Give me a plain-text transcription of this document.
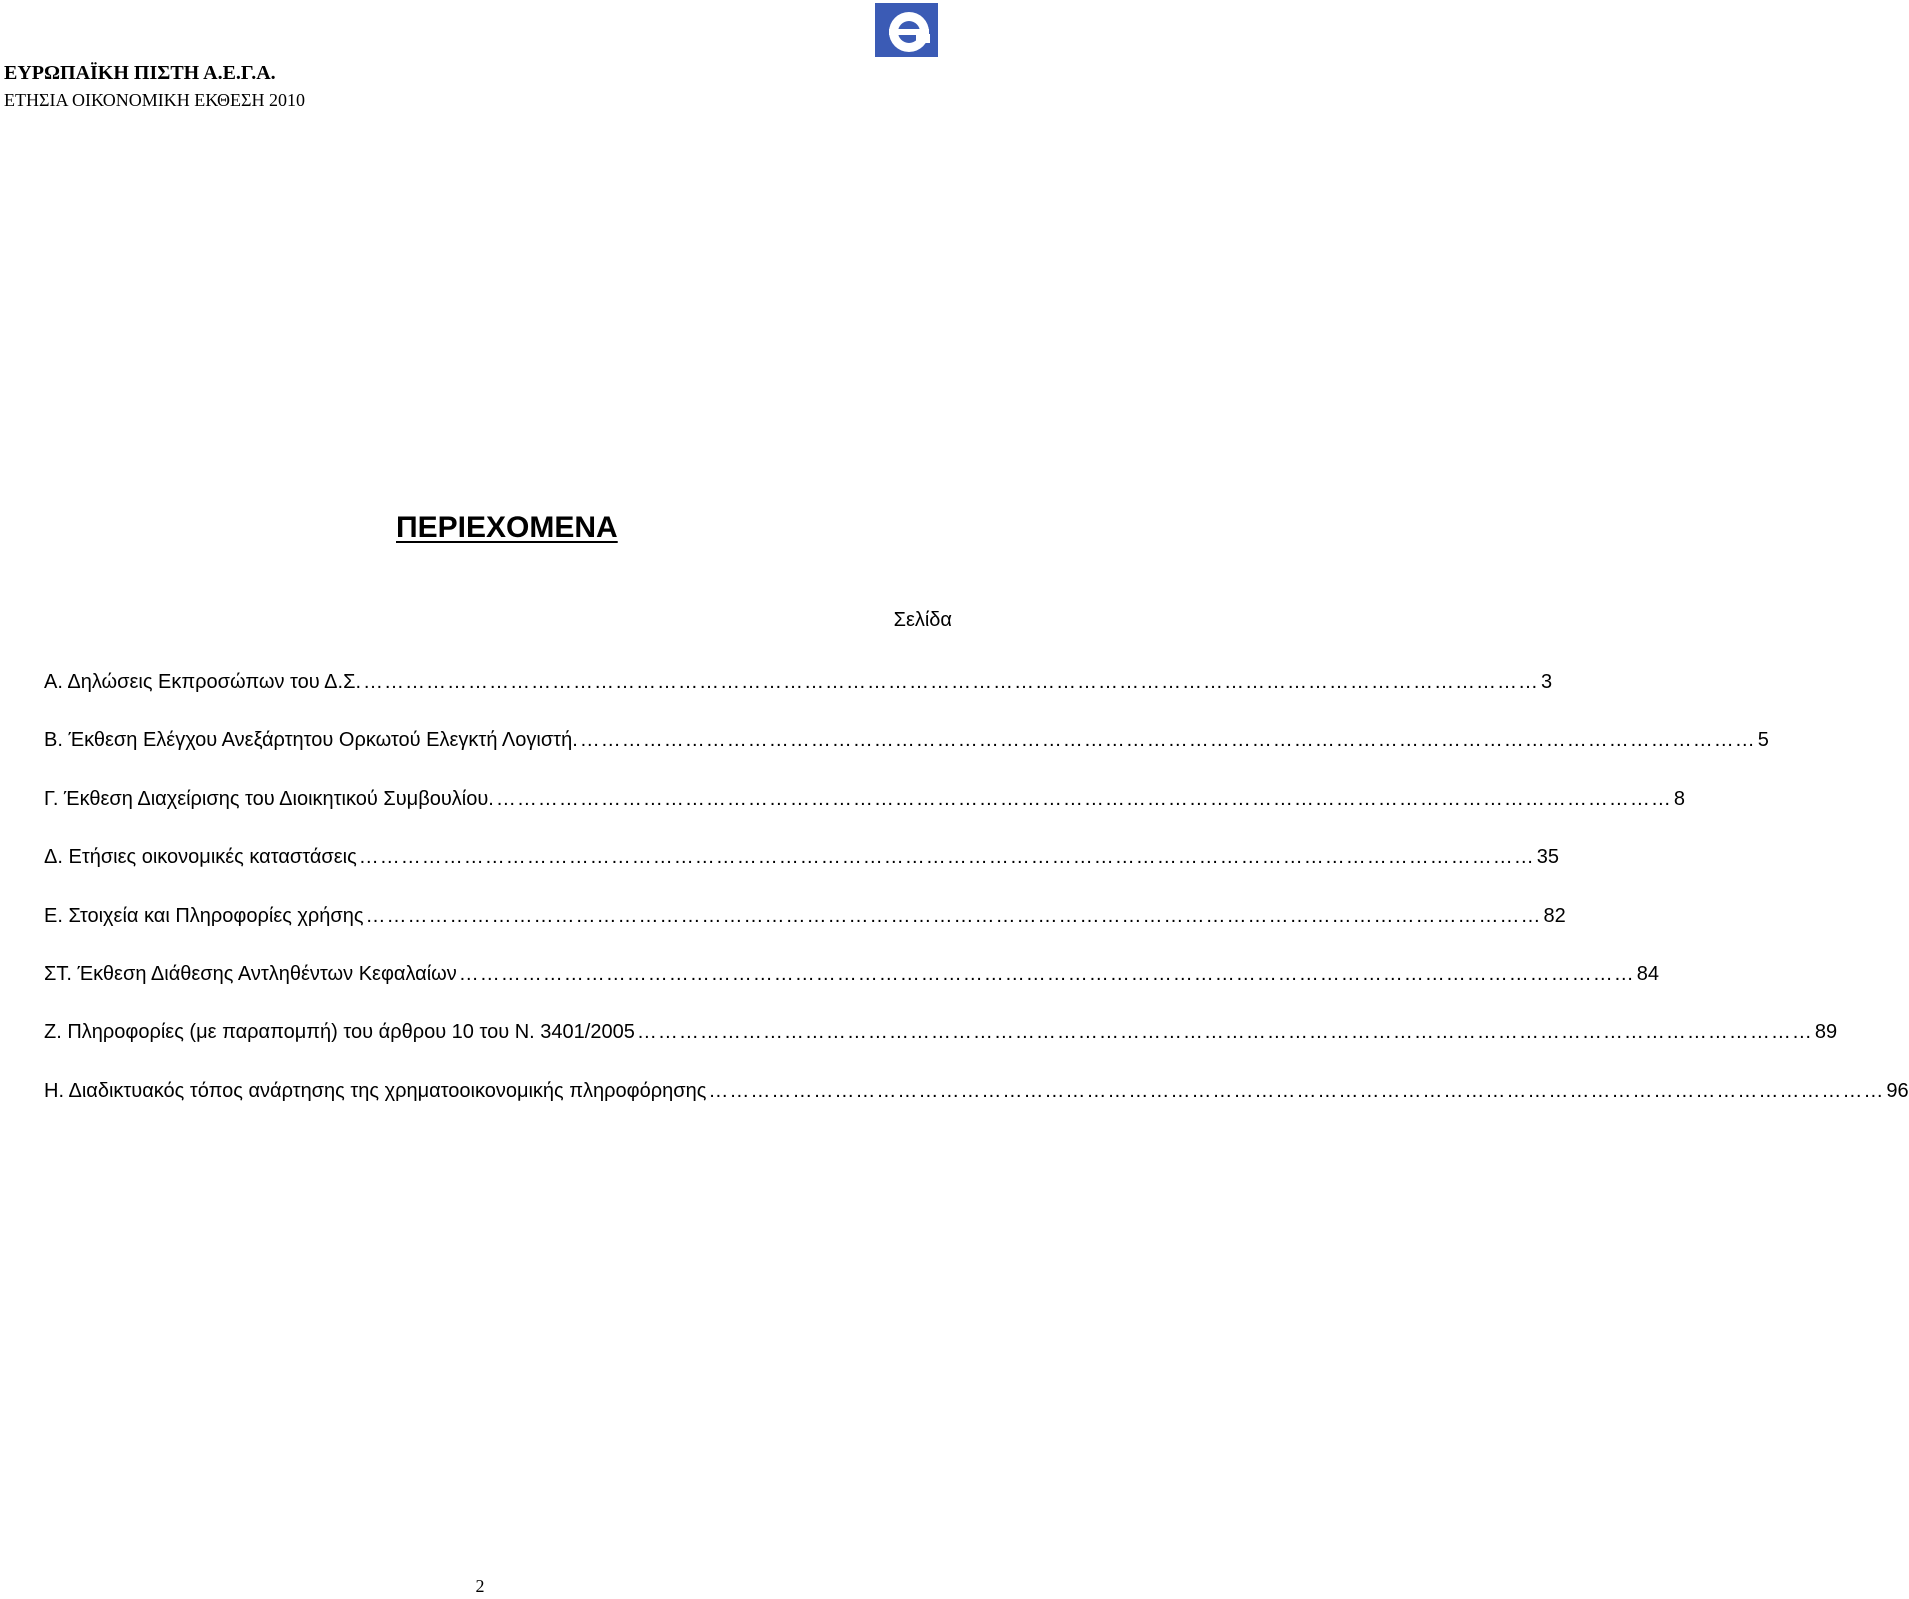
ΕΥΡΩΠΑΪΚΗ ΠΙΣΤΗ Α.Ε.Γ.Α.
ΕΤΗΣΙΑ ΟΙΚΟΝΟΜΙΚΗ ΕΚΘΕΣΗ 2010
ΠΕΡΙΕΧΟΜΕΝΑ
Σελίδα
Α. Δηλώσεις Εκπροσώπων του Δ.Σ. …………………………………………………………………………………………………………………………………………………… 3
Β. Έκθεση Ελέγχου Ανεξάρτητου Ορκωτού Ελεγκτή Λογιστή. …………………………………………………………………………………………………………………………………………………… 5
Γ. Έκθεση Διαχείρισης του Διοικητικού Συμβουλίου. …………………………………………………………………………………………………………………………………………………… 8
Δ. Ετήσιες οικονομικές καταστάσεις …………………………………………………………………………………………………………………………………………………… 35
Ε. Στοιχεία και Πληροφορίες χρήσης …………………………………………………………………………………………………………………………………………………… 82
ΣΤ. Έκθεση Διάθεσης Αντληθέντων Κεφαλαίων …………………………………………………………………………………………………………………………………………………… 84
Ζ. Πληροφορίες (με παραπομπή) του άρθρου 10 του Ν. 3401/2005 …………………………………………………………………………………………………………………………………………………… 89
Η. Διαδικτυακός τόπος ανάρτησης της χρηματοοικονομικής πληροφόρησης …………………………………………………………………………………………………………………………………………………… 96
2
